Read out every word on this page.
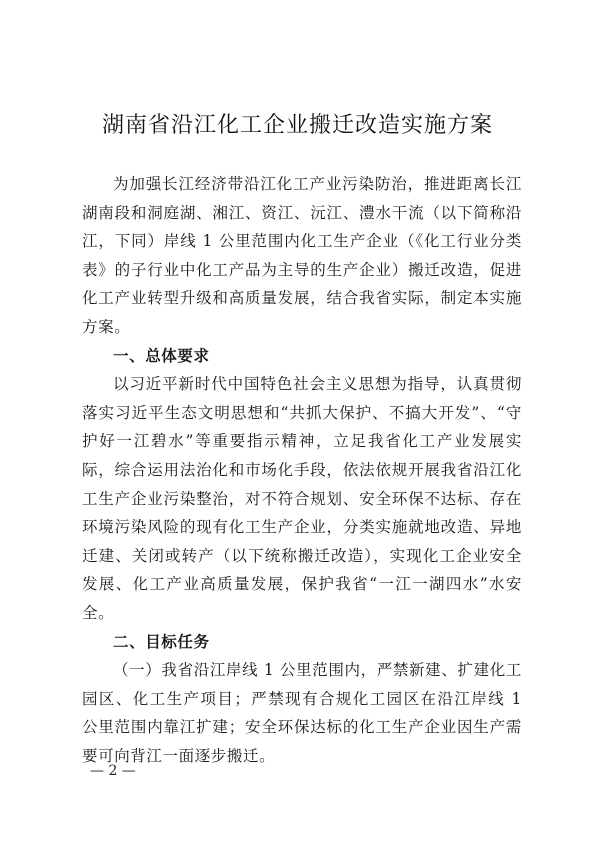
湖南省沿江化工企业搬迁改造实施方案

为加强长江经济带沿江化工产业污染防治，推进距离长江湖南段和洞庭湖、湘江、资江、沅江、澧水干流（以下简称沿江，下同）岸线 1 公里范围内化工生产企业（《化工行业分类表》的子行业中化工产品为主导的生产企业）搬迁改造，促进化工产业转型升级和高质量发展，结合我省实际，制定本实施方案。

一、总体要求

以习近平新时代中国特色社会主义思想为指导，认真贯彻落实习近平生态文明思想和“共抓大保护、不搞大开发”、“守护好一江碧水”等重要指示精神，立足我省化工产业发展实际，综合运用法治化和市场化手段，依法依规开展我省沿江化工生产企业污染整治，对不符合规划、安全环保不达标、存在环境污染风险的现有化工生产企业，分类实施就地改造、异地迁建、关闭或转产（以下统称搬迁改造），实现化工企业安全发展、化工产业高质量发展，保护我省“一江一湖四水”水安全。

二、目标任务

（一）我省沿江岸线 1 公里范围内，严禁新建、扩建化工园区、化工生产项目；严禁现有合规化工园区在沿江岸线 1 公里范围内靠江扩建；安全环保达标的化工生产企业因生产需要可向背江一面逐步搬迁。

— 2 —
